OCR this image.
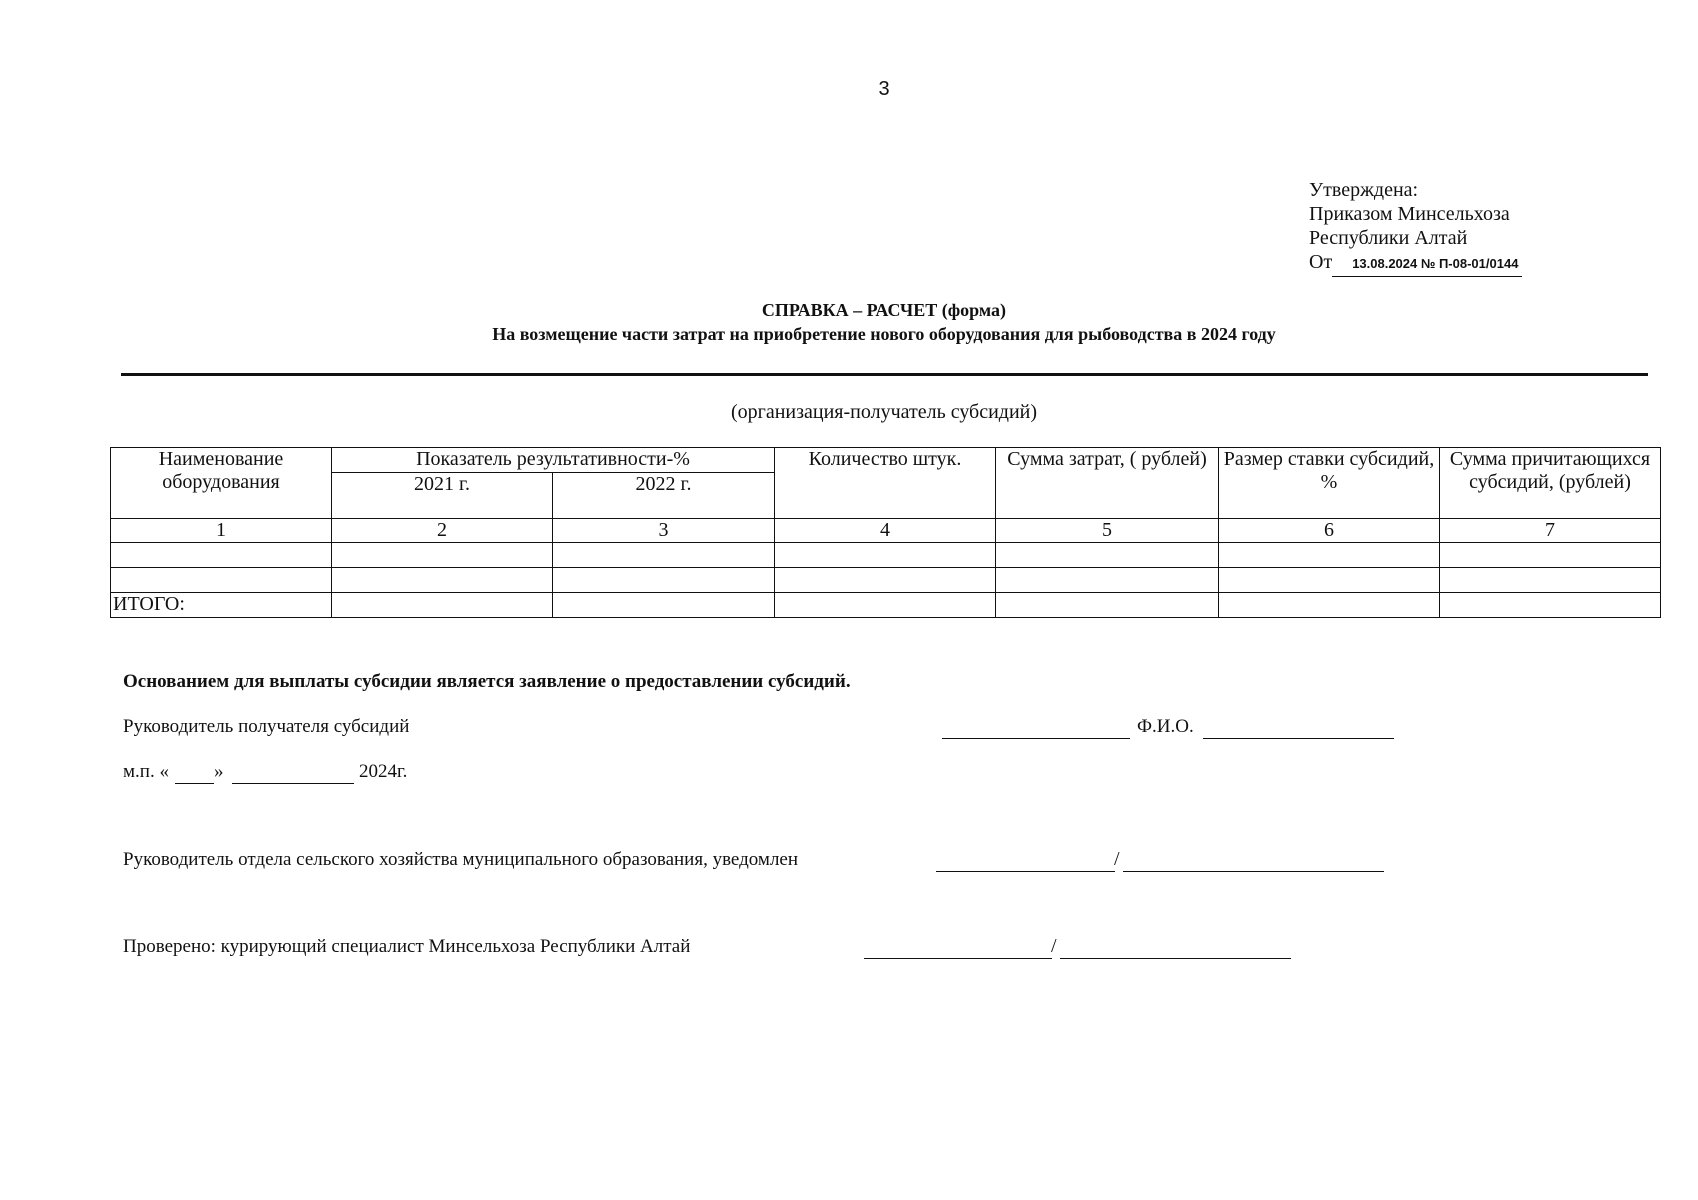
3
Утверждена:
Приказом Минсельхоза
Республики Алтай
От 13.08.2024 № П-08-01/0144
СПРАВКА – РАСЧЕТ (форма)
На возмещение части затрат на приобретение нового оборудования для рыбоводства в 2024 году
(организация-получатель субсидий)
Наименование оборудования	Показатель результативности-%		Количество штук.	Сумма затрат, ( рублей)	Размер ставки субсидий, %	Сумма причитающихся субсидий, (рублей)
	2021 г.	2022 г.				
1	2	3	4	5	6	7

ИТОГО:						
Основанием для выплаты субсидии является заявление о предоставлении субсидий.
Руководитель получателя субсидий	Ф.И.О.
м.п. « »	2024г.
Руководитель отдела сельского хозяйства муниципального образования, уведомлен	/
Проверено: курирующий специалист Минсельхоза Республики Алтай	/
